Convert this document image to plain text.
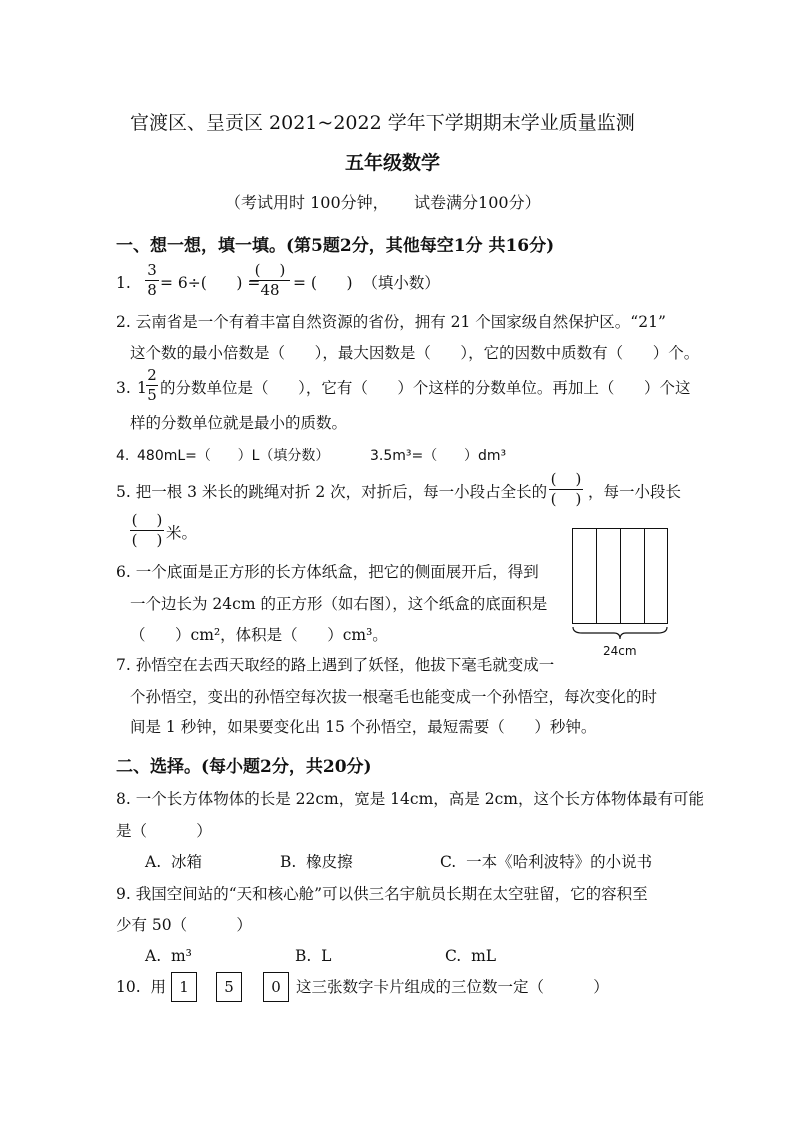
官渡区、呈贡区 2021~2022 学年下学期期末学业质量监测
五年级数学
（考试用时 100分钟，     试卷满分100分）
一、想一想，填一填。(第5题2分，其他每空1分 共16分)
1.
3
8 = 6÷(      ) =
(    )
48 = (      )  （填小数）
2. 云南省是一个有着丰富自然资源的省份，拥有 21 个国家级自然保护区。“21”
这个数的最小倍数是（      ），最大因数是（      ），它的因数中质数有（      ）个。
3. 1
2
5 的分数单位是（      ），它有（      ）个这样的分数单位。再加上（      ）个这
样的分数单位就是最小的质数。
4. 480mL=（      ）L（填分数）	3.5m³=（      ）dm³
5. 把一根 3 米长的跳绳对折 2 次，对折后，每一小段占全长的
(    )
(    ) ，每一小段长
(    )
(    ) 米。
6. 一个底面是正方形的长方体纸盒，把它的侧面展开后，得到
一个边长为 24cm 的正方形（如右图），这个纸盒的底面积是
（      ）cm²，体积是（      ）cm³。
24cm
7. 孙悟空在去西天取经的路上遇到了妖怪，他拔下毫毛就变成一
个孙悟空，变出的孙悟空每次拔一根毫毛也能变成一个孙悟空，每次变化的时
间是 1 秒钟，如果要变化出 15 个孙悟空，最短需要（      ）秒钟。
二、选择。(每小题2分，共20分)
8. 一个长方体物体的长是 22cm，宽是 14cm，高是 2cm，这个长方体物体最有可能
是（          ）
A.  冰箱	B.  橡皮擦	C.  一本《哈利波特》的小说书
9. 我国空间站的“天和核心舱”可以供三名宇航员长期在太空驻留，它的容积至
少有 50（          ）
A.  m³	B.  L	C.  mL
10.  用 1	5	0 这三张数字卡片组成的三位数一定（          ）
